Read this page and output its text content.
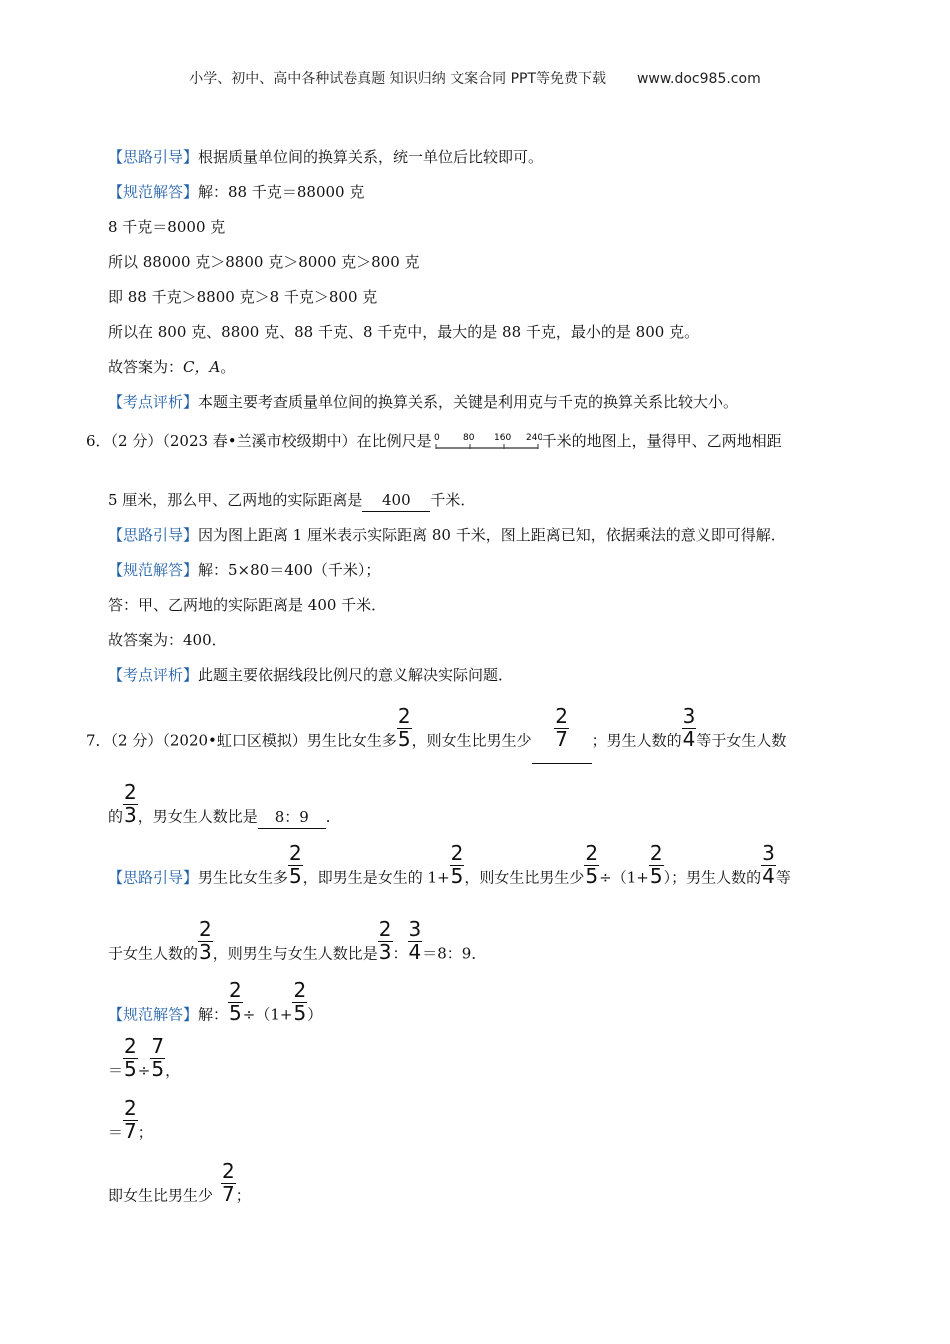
小学、初中、高中各种试卷真题 知识归纳 文案合同 PPT等免费下载 www.doc985.com
【思路引导】根据质量单位间的换算关系，统一单位后比较即可。
【规范解答】解：88 千克＝88000 克
8 千克＝8000 克
所以 88000 克＞8800 克＞8000 克＞800 克
即 88 千克＞8800 克＞8 千克＞800 克
所以在 800 克、8800 克、88 千克、8 千克中，最大的是 88 千克，最小的是 800 克。
故答案为：C，A。
【考点评析】本题主要考查质量单位间的换算关系，关键是利用克与千克的换算关系比较大小。
6．（2 分）（2023 春•兰溪市校级期中）在比例尺是 0	80 160 240
千米的地图上，量得甲、乙两地相距
5 厘米，那么甲、乙两地的实际距离是 400 千米．
【思路引导】因为图上距离 1 厘米表示实际距离 80 千米，图上距离已知，依据乘法的意义即可得解．
【规范解答】解：5×80＝400（千米）；
答：甲、乙两地的实际距离是 400 千米．
故答案为：400．
【考点评析】此题主要依据线段比例尺的意义解决实际问题．
7．（2 分）（2020•虹口区模拟）男生比女生多 $\frac{2}{5}$ ，则女生比男生少 $\frac{2}{7}$ ；男生人数的 $\frac{3}{4}$ 等于女生人数
的 $\frac{2}{3}$ ，男女生人数比是 8：9 ．
【思路引导】男生比女生多 $\frac{2}{5}$ ，即男生是女生的 $1+ \frac{2}{5}$ ，则女生比男生少 $\frac{2}{5} \div(1+ \frac{2}{5}$ ）；男生人数的 $\frac{3}{4}$ 等
于女生人数的 $\frac{2}{3}$ ，则男生与女生人数比是 $\frac{2}{3}$ ： $\frac{3}{4} =8$：9．
【规范解答】解： $\frac{2}{5} \div(1+ \frac{2}{5}$ ）
＝ $\frac{2}{5} \div \frac{7}{5}$ ，
＝ $\frac{2}{7}$ ；
即女生比男生少 $\frac{2}{7}$ ；
